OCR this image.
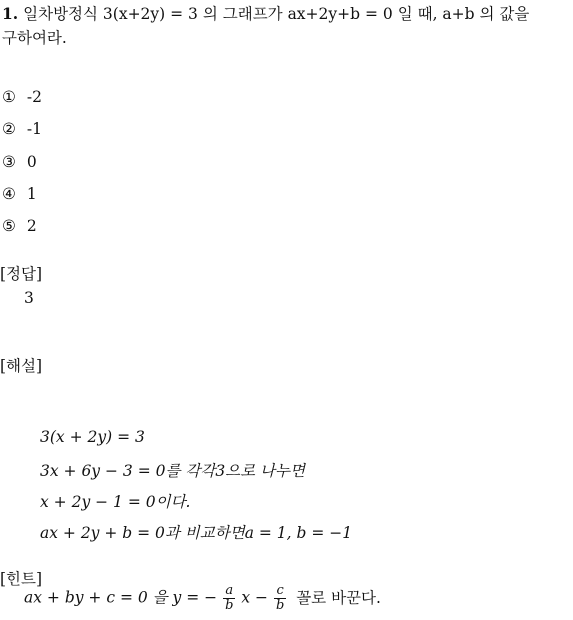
1. 일차방정식 3(x+2y) = 3 의 그래프가 ax+2y+b = 0 일 때, a+b 의 값을
구하여라.
① -2
② -1
③ 0
④ 1
⑤ 2
[정답]
3
[해설]
3(x + 2y) = 3
3x + 6y − 3 = 0를 각각3으로 나누면
x + 2y − 1 = 0이다.
ax + 2y + b = 0과 비교하면a = 1, b = −1
[힌트]
ax + by + c = 0 을 y = − $\frac{a}{b}$ $x - \frac{c}{b}$ 꼴로 바꾼다.
